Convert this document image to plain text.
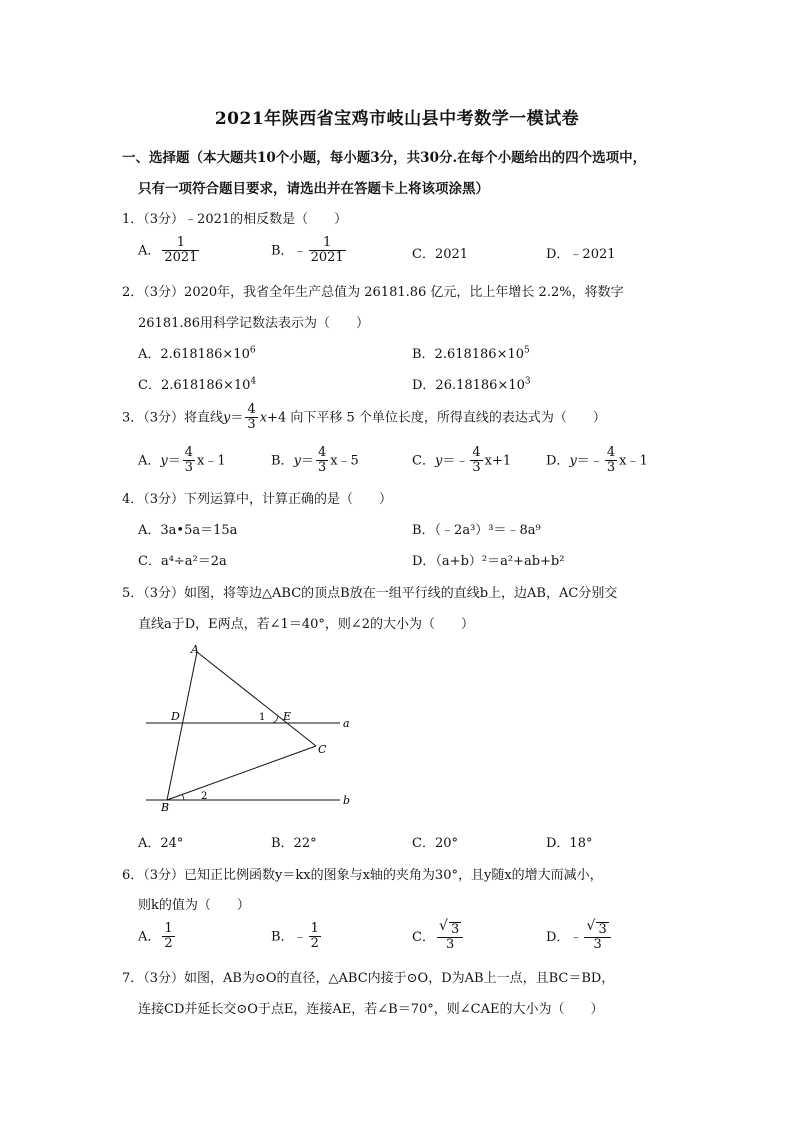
2021年陕西省宝鸡市岐山县中考数学一模试卷
一、选择题（本大题共10个小题，每小题3分，共30分.在每个小题给出的四个选项中，
只有一项符合题目要求，请选出并在答题卡上将该项涂黑）
1．（3分）﹣2021的相反数是（　　）
A． $\frac{1}{2021}$	B．﹣ $\frac{1}{2021}$	C．2021	D．﹣2021
2．（3分）2020年，我省全年生产总值为 26181.86 亿元，比上年增长 2.2%，将数字
26181.86用科学记数法表示为（　　）
A．$2.618186\times 10^6$	B．$2.618186\times 10^5$
C．$2.618186\times 10^4$	D．$26.18186\times 10^3$
3．（3分）将直线$y= \frac{4}{3} x+4$ 向下平移 5 个单位长度，所得直线的表达式为（　　）
A．$y= \frac{4}{3}$ x﹣1	B．$y= \frac{4}{3}$ x﹣5	C．y＝﹣ $\frac{4}{3} x+1$	D．y＝﹣ $\frac{4}{3}$ x﹣1
4．（3分）下列运算中，计算正确的是（　　）
A．3a•5a＝15a	B．（﹣2a³）³＝﹣8a⁹
C．a⁴÷a²＝2a	D．（a+b）²＝a²+ab+b²
5．（3分）如图，将等边△ABC的顶点B放在一组平行线的直线b上，边AB，AC分别交
直线a于D，E两点，若∠1＝40°，则∠2的大小为（　　）
A
D	E
1	a
C
b
B
2
A．24°	B．22°	C．20°	D．18°
6．（3分）已知正比例函数y＝kx的图象与x轴的夹角为30°，且y随x的增大而减小，
则k的值为（　　）
A． $\frac{1}{2}$	B．﹣ $\frac{1}{2}$	C． $\frac{√ 3}{3}$	D．﹣ $\frac{√ 3}{3}$
7．（3分）如图，AB为⊙O的直径，△ABC内接于⊙O，D为AB上一点，且BC＝BD，
连接CD并延长交⊙O于点E，连接AE，若∠B＝70°，则∠CAE的大小为（　　）
